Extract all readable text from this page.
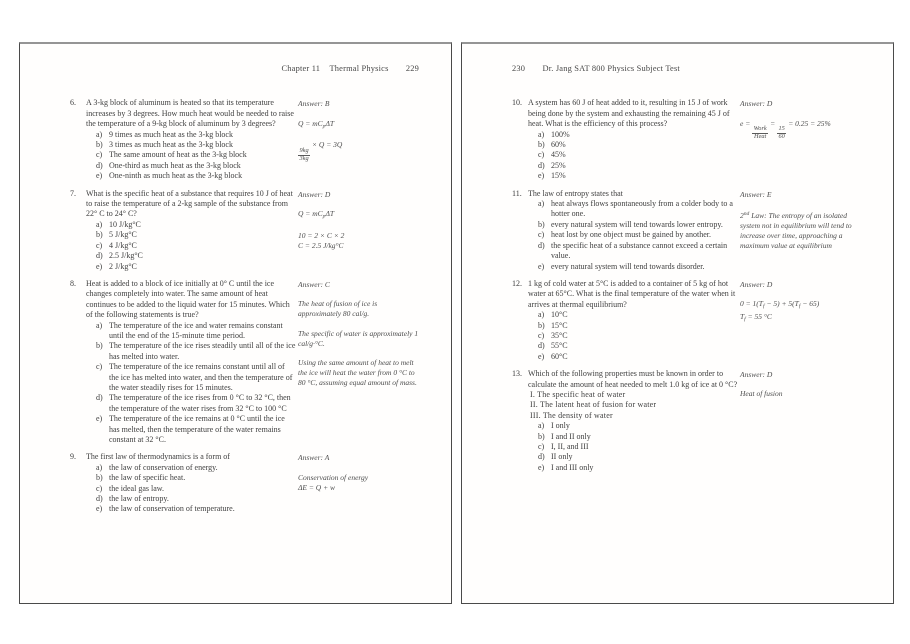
Chapter 11 Thermal Physics 229
6.	A 3-kg block of aluminum is heated so that its temperature increases by 3 degrees. How much heat would be needed to raise the temperature of a 9-kg block of aluminum by 3 degrees?
a) 9 times as much heat as the 3-kg block
b) 3 times as much heat as the 3-kg block
c) The same amount of heat as the 3-kg block
d) One-third as much heat as the 3-kg block
e) One-ninth as much heat as the 3-kg block
Answer: B
$Q = mC_p\Delta T$
$\frac{9kg}{3kg}$
× Q = 3Q
7.	What is the specific heat of a substance that requires 10 J of heat to raise the temperature of a 2-kg sample of the substance from 22° C to 24° C?
a) 10 J/kg°C
b) 5 J/kg°C
c) 4 J/kg°C
d) 2.5 J/kg°C
e) 2 J/kg°C
Answer: D
$Q = mC_p\Delta T$
10 = 2 × C × 2
C = 2.5 J/kg°C
8.	Heat is added to a block of ice initially at 0° C until the ice changes completely into water. The same amount of heat continues to be added to the liquid water for 15 minutes. Which of the following statements is true?
a) The temperature of the ice and water remains constant until the end of the 15-minute time period.
b) The temperature of the ice rises steadily until all of the ice has melted into water.
c) The temperature of the ice remains constant until all of the ice has melted into water, and then the temperature of the water steadily rises for 15 minutes.
d) The temperature of the ice rises from 0 °C to 32 °C, then the temperature of the water rises from 32 °C to 100 °C
e) The temperature of the ice remains at 0 °C until the ice has melted, then the temperature of the water remains constant at 32 °C.
Answer: C
The heat of fusion of ice is approximately 80 cal/g.
The specific of water is approximately 1 cal/g·°C.
Using the same amount of heat to melt the ice will heat the water from 0 °C to 80 °C, assuming equal amount of mass.
9.	The first law of thermodynamics is a form of
a) the law of conservation of energy.
b) the law of specific heat.
c) the ideal gas law.
d) the law of entropy.
e) the law of conservation of temperature.
Answer: A
Conservation of energy
ΔE = Q + w
230 Dr. Jang SAT 800 Physics Subject Test
10. A system has 60 J of heat added to it, resulting in 15 J of work being done by the system and exhausting the remaining 45 J of heat. What is the efficiency of this process?
a) 100%
b) 60%
c) 45%
d) 25%
e) 15%
Answer: D
e =
$\frac{\text{Work}}{\text{Heat}}$
=
$\frac{15}{60}$
= 0.25 = 25%
11. The law of entropy states that
a) heat always flows spontaneously from a colder body to a hotter one.
b) every natural system will tend towards lower entropy.
c) heat lost by one object must be gained by another.
d) the specific heat of a substance cannot exceed a certain value.
e) every natural system will tend towards disorder.
Answer: E
2nd Law: The entropy of an isolated system not in equilibrium will tend to increase over time, approaching a maximum value at equilibrium
12. 1 kg of cold water at 5°C is added to a container of 5 kg of hot water at 65°C. What is the final temperature of the water when it arrives at thermal equilibrium?
a) 10°C
b) 15°C
c) 35°C
d) 55°C
e) 60°C
Answer: D
$0 = 1(T_f - 5) + 5(T_f - 65)$
$T_f = 55$ °C
13. Which of the following properties must be known in order to calculate the amount of heat needed to melt 1.0 kg of ice at 0 °C?
I. The specific heat of water
II. The latent heat of fusion for water
III. The density of water
a) I only
b) I and II only
c) I, II, and III
d) II only
e) I and III only
Answer: D
Heat of fusion
